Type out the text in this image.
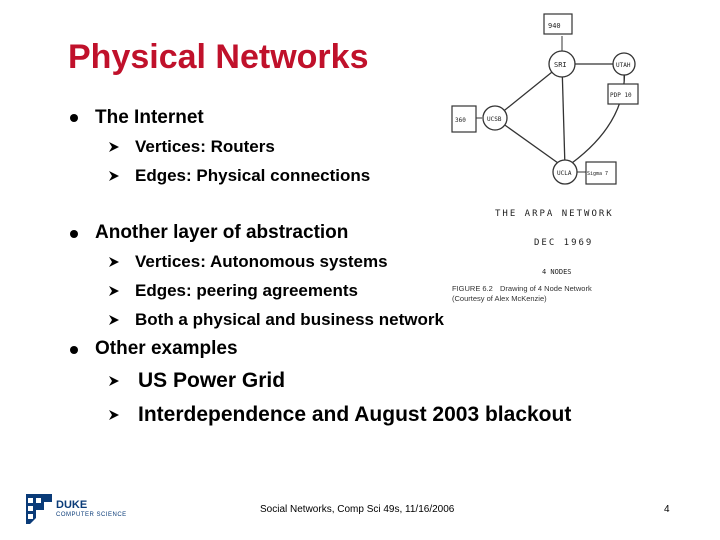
Physical Networks
The Internet
Vertices: Routers
Edges: Physical connections
Another layer of abstraction
Vertices: Autonomous systems
Edges: peering agreements
Both a physical and business network
Other examples
US Power Grid
Interdependence and August 2003 blackout
940
PDP 10
360
Sigma 7
SRI	UTAH
UCSB
UCLA
THE ARPA NETWORK
DEC 1969
4 NODES
FIGURE 6.2 Drawing of 4 Node Network
(Courtesy of Alex McKenzie)
DUKE
COMPUTER SCIENCE	Social Networks, Comp Sci 49s, 11/16/2006	4
